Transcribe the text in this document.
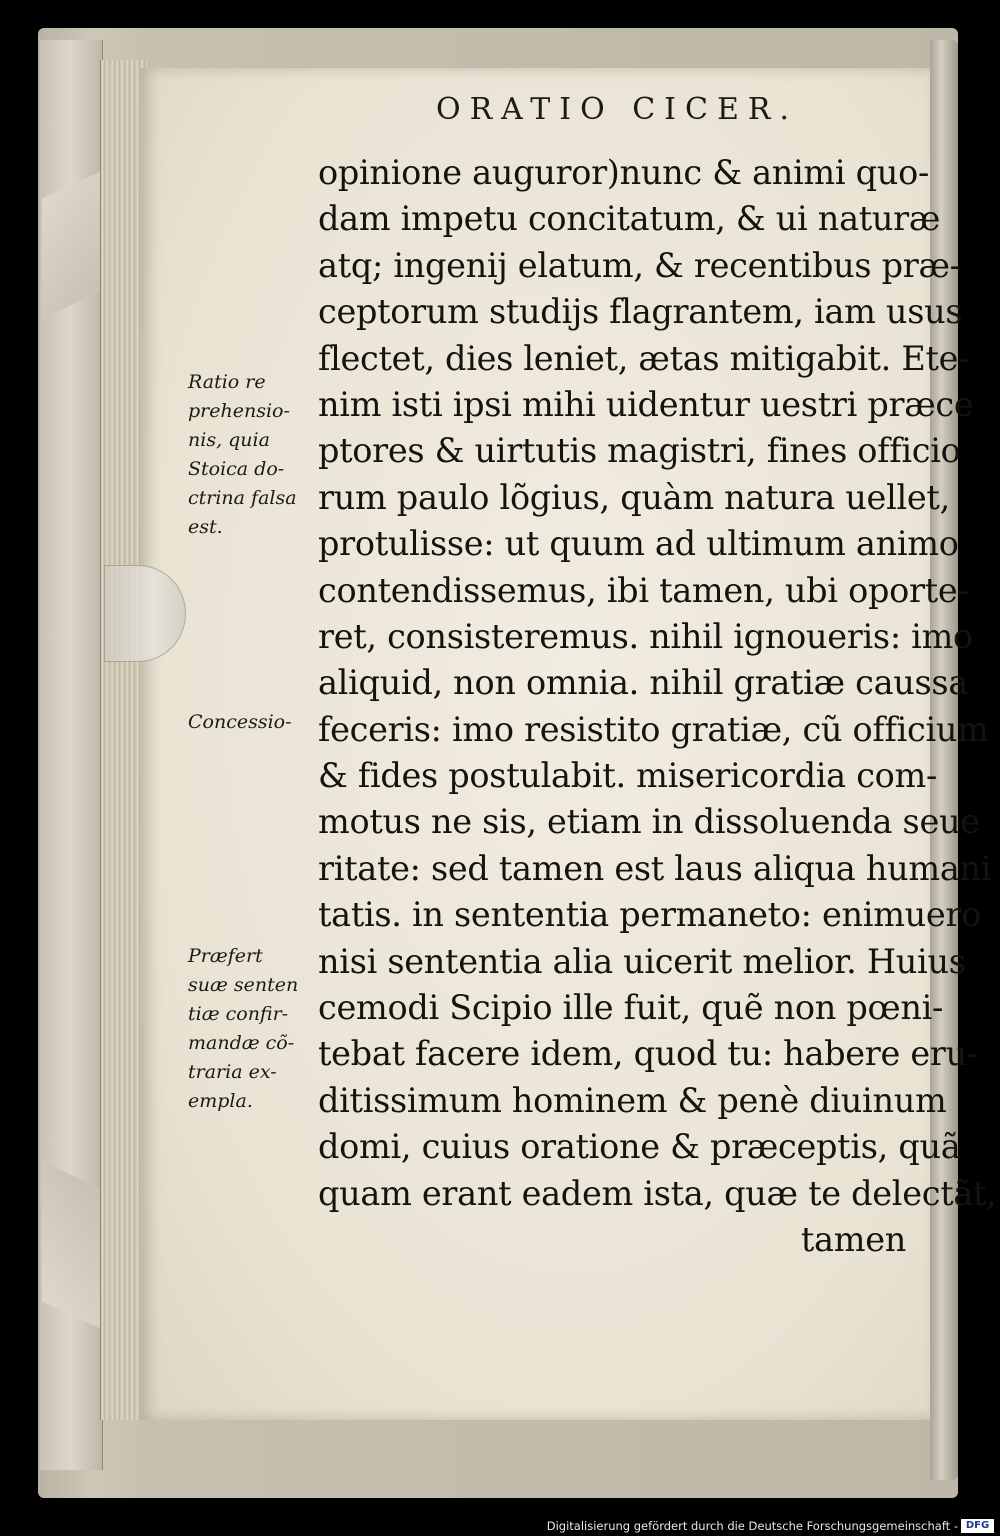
ORATIO CICER.
opinione auguror)nunc & animi quo-
dam impetu concitatum, & ui naturæ
atq; ingenij elatum, & recentibus præ-
ceptorum studijs flagrantem, iam usus
flectet, dies leniet, ætas mitigabit. Ete-
nim isti ipsi mihi uidentur uestri præce
ptores & uirtutis magistri, fines officio
rum paulo lõgius, quàm natura uellet,
protulisse: ut quum ad ultimum animo
contendissemus, ibi tamen, ubi oporte-
ret, consisteremus. nihil ignoueris: imo
aliquid, non omnia. nihil gratiæ caussa
feceris: imo resistito gratiæ, cũ officium
& fides postulabit. misericordia com-
motus ne sis, etiam in dissoluenda seue
ritate: sed tamen est laus aliqua humani
tatis. in sententia permaneto: enimuero
nisi sententia alia uicerit melior. Huius
cemodi Scipio ille fuit, quẽ non pœni-
tebat facere idem, quod tu: habere eru-
ditissimum hominem & penè diuinum
domi, cuius oratione & præceptis, quã
quam erant eadem ista, quæ te delectãt,
tamen
Ratio re
prehensio-
nis, quia
Stoica do-
ctrina falsa
est.
Concessio-
Præfert
suæ senten
tiæ confir-
mandæ cõ-
traria ex-
empla.
Digitalisierung gefördert durch die Deutsche Forschungsgemeinschaft - DFG
